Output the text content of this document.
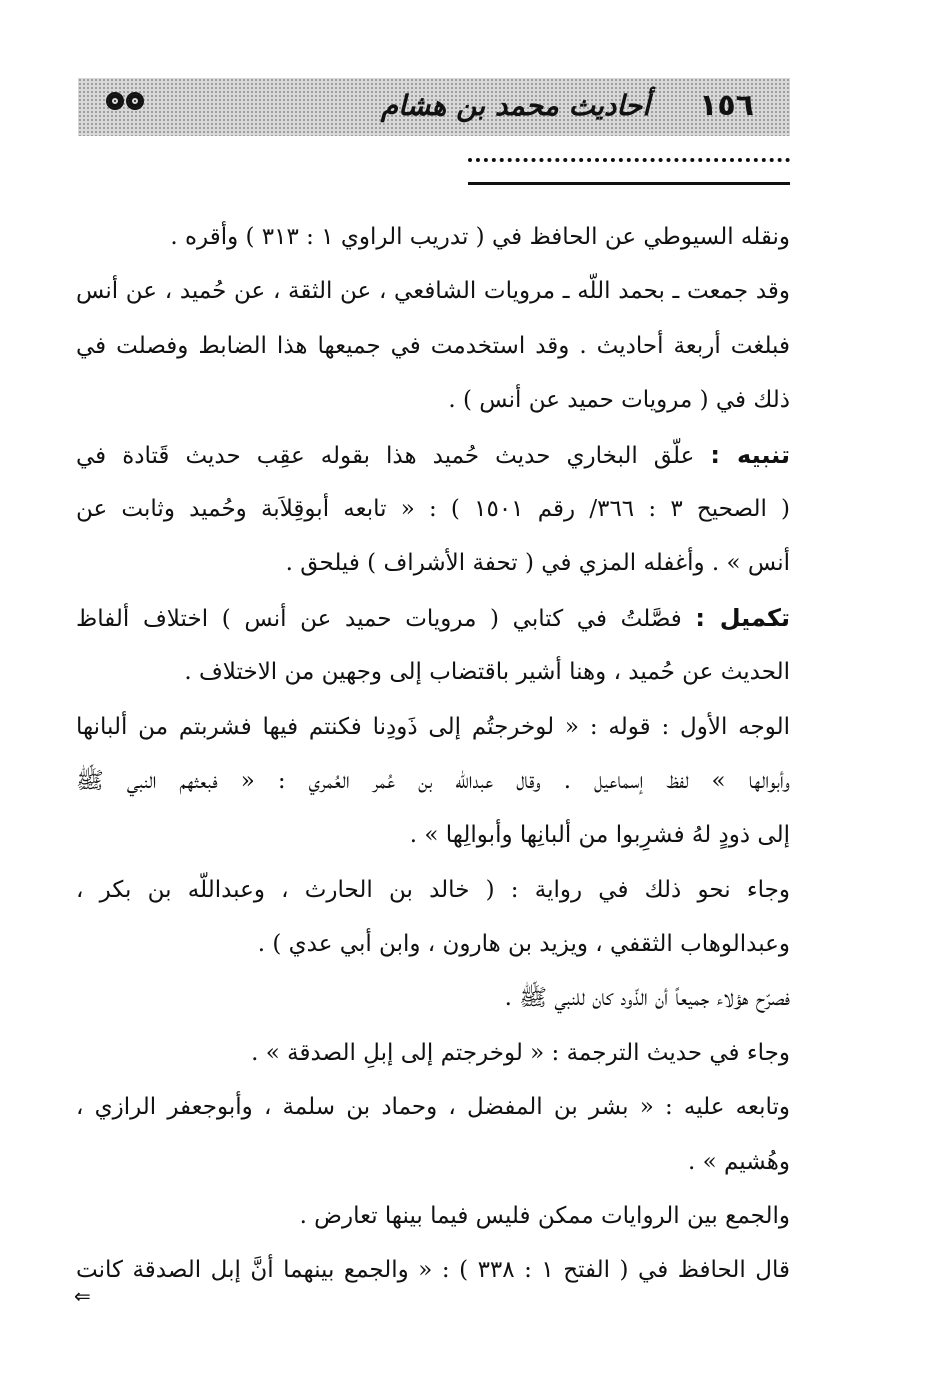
١٥٦
أحاديث محمد بن هشام
ونقله السيوطي عن الحافظ في ( تدريب الراوي ١ : ٣١٣ ) وأقره .
وقد جمعت ـ بحمد اللّه ـ مرويات الشافعي ، عن الثقة ، عن حُميد ، عن أنس
فبلغت أربعة أحاديث . وقد استخدمت في جميعها هذا الضابط وفصلت في
ذلك في ( مرويات حميد عن أنس ) .
تنبيه : علّق البخاري حديث حُميد هذا بقوله عقِب حديث قَتادة في
( الصحيح ٣ : ٣٦٦/ رقم ١٥٠١ ) : « تابعه أبوقِلاَبة وحُميد وثابت عن
أنس » . وأغفله المزي في ( تحفة الأشراف ) فيلحق .
تكميل : فصَّلتُ في كتابي ( مرويات حميد عن أنس ) اختلاف ألفاظ
الحديث عن حُميد ، وهنا أشير باقتضاب إلى وجهين من الاختلاف .
الوجه الأول : قوله : « لوخرجتُم إلى ذَودِنا فكنتم فيها فشربتم من ألبانها
وأبوالها » لفظ إسماعيل . وقال عبداللّه بن عُمر العُمري : « فبعثهم النبي ﷺ
إلى ذودٍ لهُ فشرِبوا من ألبانِها وأبوالِها » .
وجاء نحو ذلك في رواية : ( خالد بن الحارث ، وعبداللّه بن بكر ،
وعبدالوهاب الثقفي ، ويزيد بن هارون ، وابن أبي عدي ) .
فصرّح هؤلاء جميعاً أن الذّود كان للنبي ﷺ .
وجاء في حديث الترجمة : « لوخرجتم إلى إبلِ الصدقة » .
وتابعه عليه : « بشر بن المفضل ، وحماد بن سلمة ، وأبوجعفر الرازي ،
وهُشيم » .
والجمع بين الروايات ممكن فليس فيما بينها تعارض .
قال الحافظ في ( الفتح ١ : ٣٣٨ ) : « والجمع بينهما أنَّ إبل الصدقة كانت
⇐
